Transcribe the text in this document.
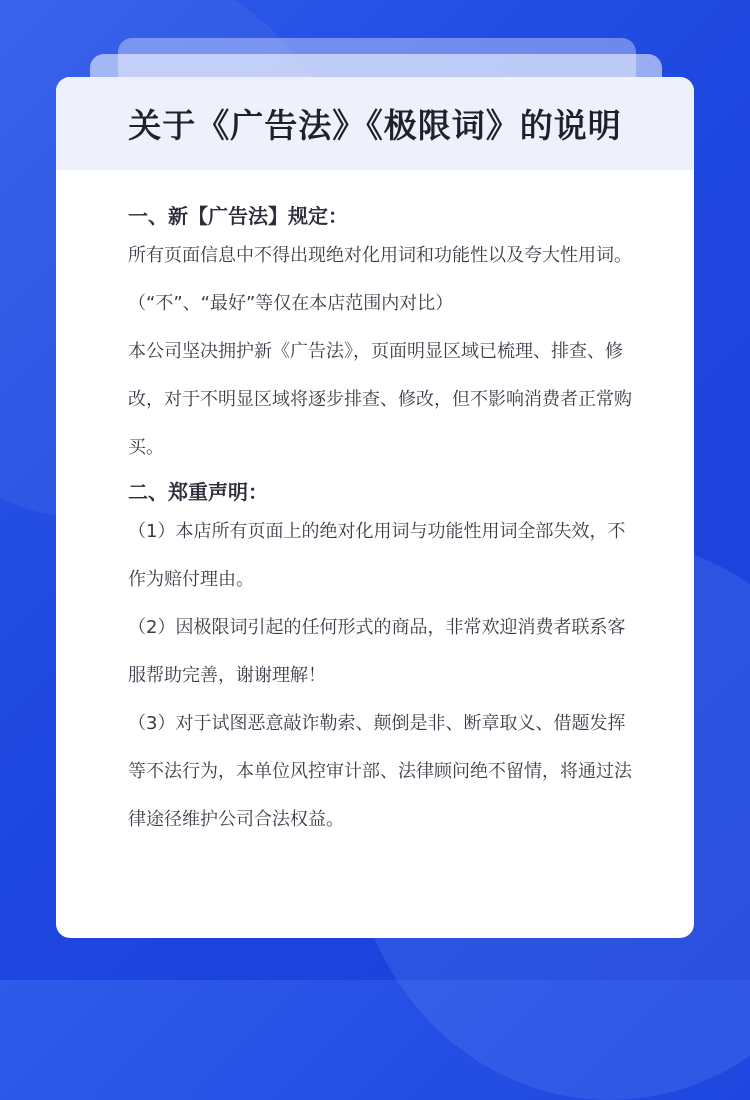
关于《广告法》《极限词》的说明

一、新【广告法】规定：

所有页面信息中不得出现绝对化用词和功能性以及夸大性用词。（“不”、“最好”等仅在本店范围内对比）

本公司坚决拥护新《广告法》，页面明显区域已梳理、排查、修改，对于不明显区域将逐步排查、修改，但不影响消费者正常购买。

二、郑重声明：

（1）本店所有页面上的绝对化用词与功能性用词全部失效，不作为赔付理由。

（2）因极限词引起的任何形式的商品，非常欢迎消费者联系客服帮助完善，谢谢理解！

（3）对于试图恶意敲诈勒索、颠倒是非、断章取义、借题发挥等不法行为，本单位风控审计部、法律顾问绝不留情，将通过法律途径维护公司合法权益。
